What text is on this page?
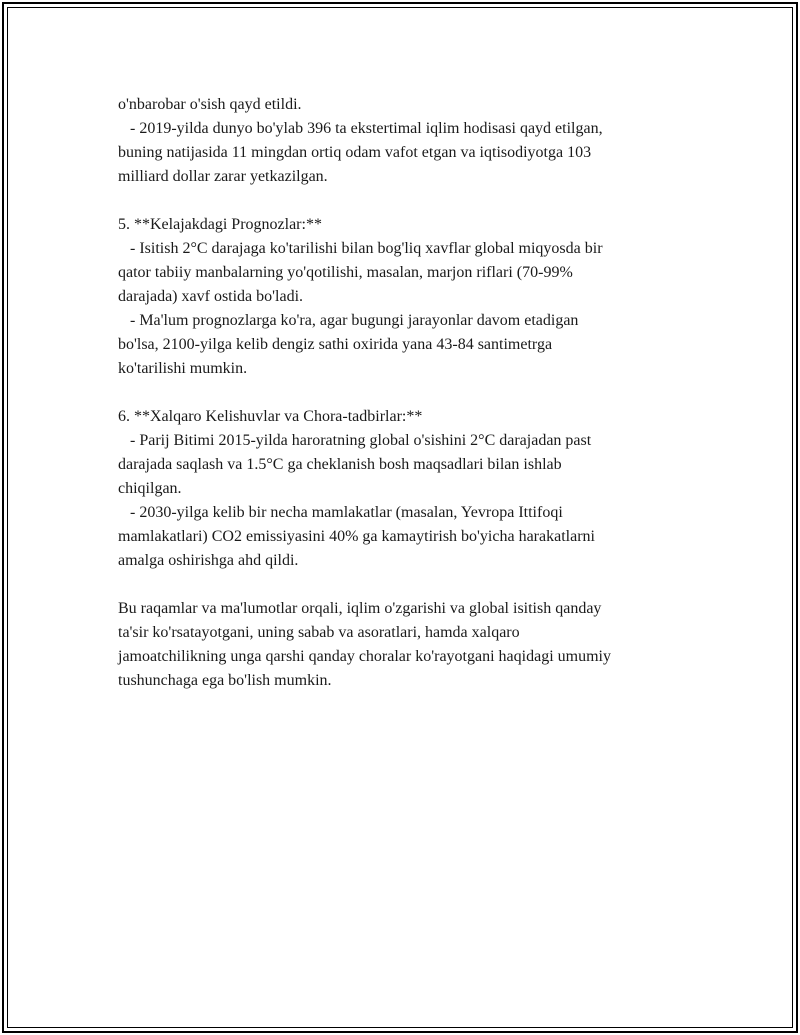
o'nbarobar o'sish qayd etildi.
- 2019-yilda dunyo bo'ylab 396 ta ekstertimal iqlim hodisasi qayd etilgan,
buning natijasida 11 mingdan ortiq odam vafot etgan va iqtisodiyotga 103
milliard dollar zarar yetkazilgan.
5. **Kelajakdagi Prognozlar:**
- Isitish 2°C darajaga ko'tarilishi bilan bog'liq xavflar global miqyosda bir
qator tabiiy manbalarning yo'qotilishi, masalan, marjon riflari (70-99%
darajada) xavf ostida bo'ladi.
- Ma'lum prognozlarga ko'ra, agar bugungi jarayonlar davom etadigan
bo'lsa, 2100-yilga kelib dengiz sathi oxirida yana 43-84 santimetrga
ko'tarilishi mumkin.
6. **Xalqaro Kelishuvlar va Chora-tadbirlar:**
- Parij Bitimi 2015-yilda haroratning global o'sishini 2°C darajadan past
darajada saqlash va 1.5°C ga cheklanish bosh maqsadlari bilan ishlab
chiqilgan.
- 2030-yilga kelib bir necha mamlakatlar (masalan, Yevropa Ittifoqi
mamlakatlari) CO2 emissiyasini 40% ga kamaytirish bo'yicha harakatlarni
amalga oshirishga ahd qildi.
Bu raqamlar va ma'lumotlar orqali, iqlim o'zgarishi va global isitish qanday
ta'sir ko'rsatayotgani, uning sabab va asoratlari, hamda xalqaro
jamoatchilikning unga qarshi qanday choralar ko'rayotgani haqidagi umumiy
tushunchaga ega bo'lish mumkin.
